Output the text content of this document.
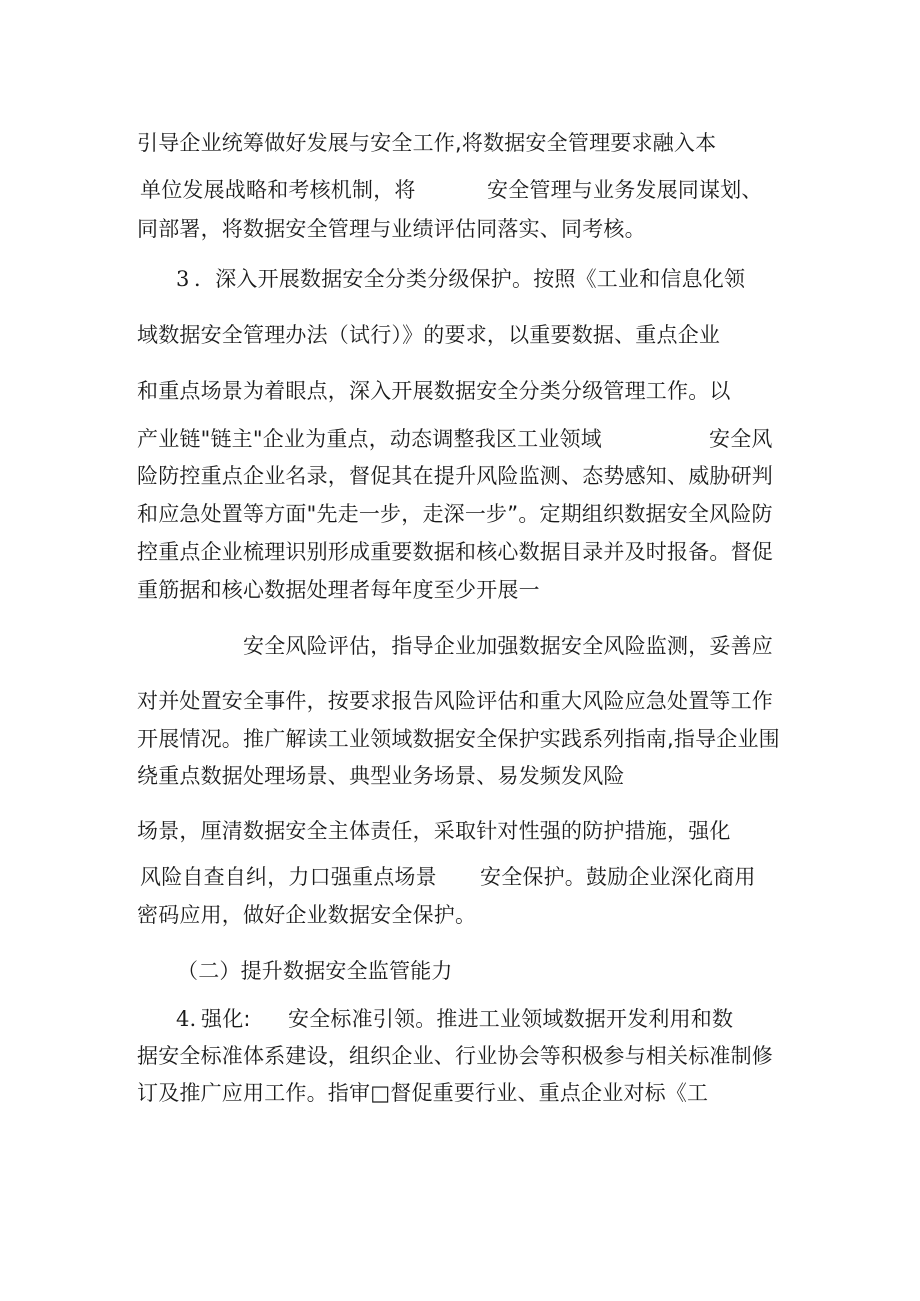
引导企业统筹做好发展与安全工作,将数据安全管理要求融入本
单位发展战略和考核机制，将	安全管理与业务发展同谋划、
同部署，将数据安全管理与业绩评估同落实、同考核。
3 ．深入开展数据安全分类分级保护。按照《工业和信息化领
域数据安全管理办法（试行）》的要求，以重要数据、重点企业
和重点场景为着眼点，深入开展数据安全分类分级管理工作。以
产业链"链主"企业为重点，动态调整我区工业领域	安全风
险防控重点企业名录，督促其在提升风险监测、态势感知、威胁研判
和应急处置等方面"先走一步，走深一步”。定期组织数据安全风险防
控重点企业梳理识别形成重要数据和核心数据目录并及时报备。督促
重筋据和核心数据处理者每年度至少开展一
安全风险评估，指导企业加强数据安全风险监测，妥善应
对并处置安全事件，按要求报告风险评估和重大风险应急处置等工作
开展情况。推广解读工业领域数据安全保护实践系列指南,指导企业围
绕重点数据处理场景、典型业务场景、易发频发风险
场景，厘清数据安全主体责任，采取针对性强的防护措施，强化
风险自查自纠，力口强重点场景 安全保护。鼓励企业深化商用
密码应用，做好企业数据安全保护。
（二）提升数据安全监管能力
4. 强化: 安全标准引领。推进工业领域数据开发利用和数
据安全标准体系建设，组织企业、行业协会等积极参与相关标准制修
订及推广应用工作。指审□督促重要行业、重点企业对标《工
